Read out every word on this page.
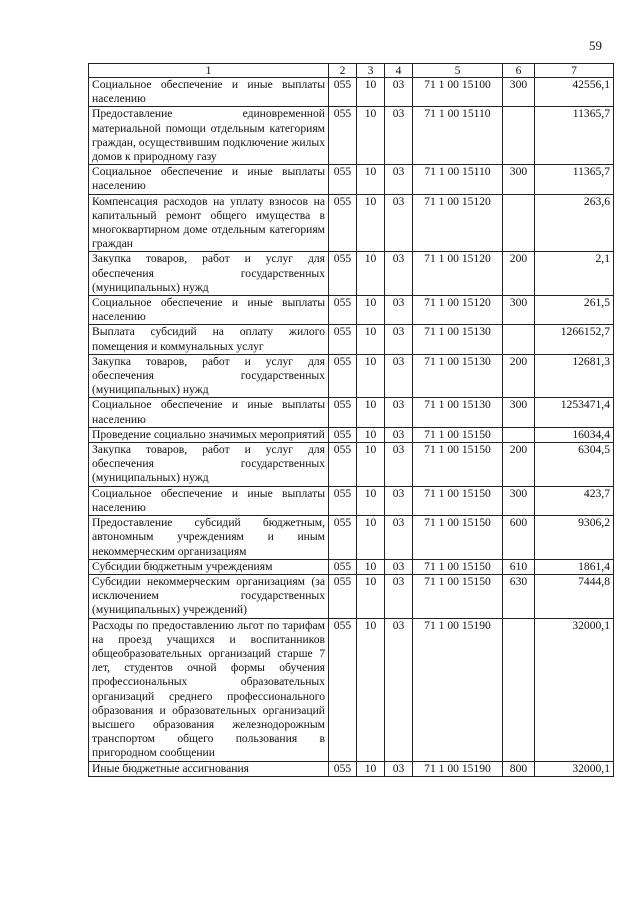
59
1	2	3	4	5	6	7
Социальное обеспечение и иные выплаты населению	055	10	03	71 1 00 15100	300	42556,1
Предоставление единовременной материальной помощи отдельным категориям граждан, осуществившим подключение жилых домов к природному газу	055	10	03	71 1 00 15110		11365,7
Социальное обеспечение и иные выплаты населению	055	10	03	71 1 00 15110	300	11365,7
Компенсация расходов на уплату взносов на капитальный ремонт общего имущества в многоквартирном доме отдельным категориям граждан	055	10	03	71 1 00 15120		263,6
Закупка товаров, работ и услуг для обеспечения государственных (муниципальных) нужд	055	10	03	71 1 00 15120	200	2,1
Социальное обеспечение и иные выплаты населению	055	10	03	71 1 00 15120	300	261,5
Выплата субсидий на оплату жилого помещения и коммунальных услуг	055	10	03	71 1 00 15130		1266152,7
Закупка товаров, работ и услуг для обеспечения государственных (муниципальных) нужд	055	10	03	71 1 00 15130	200	12681,3
Социальное обеспечение и иные выплаты населению	055	10	03	71 1 00 15130	300	1253471,4
Проведение социально значимых мероприятий	055	10	03	71 1 00 15150		16034,4
Закупка товаров, работ и услуг для обеспечения государственных (муниципальных) нужд	055	10	03	71 1 00 15150	200	6304,5
Социальное обеспечение и иные выплаты населению	055	10	03	71 1 00 15150	300	423,7
Предоставление субсидий бюджетным, автономным учреждениям и иным некоммерческим организациям	055	10	03	71 1 00 15150	600	9306,2
Субсидии бюджетным учреждениям	055	10	03	71 1 00 15150	610	1861,4
Субсидии некоммерческим организациям (за исключением государственных (муниципальных) учреждений)	055	10	03	71 1 00 15150	630	7444,8
Расходы по предоставлению льгот по тарифам на проезд учащихся и воспитанников общеобразовательных организаций старше 7 лет, студентов очной формы обучения профессиональных образовательных организаций среднего профессионального образования и образовательных организаций высшего образования железнодорожным транспортом общего пользования в пригородном сообщении	055	10	03	71 1 00 15190		32000,1
Иные бюджетные ассигнования	055	10	03	71 1 00 15190	800	32000,1
